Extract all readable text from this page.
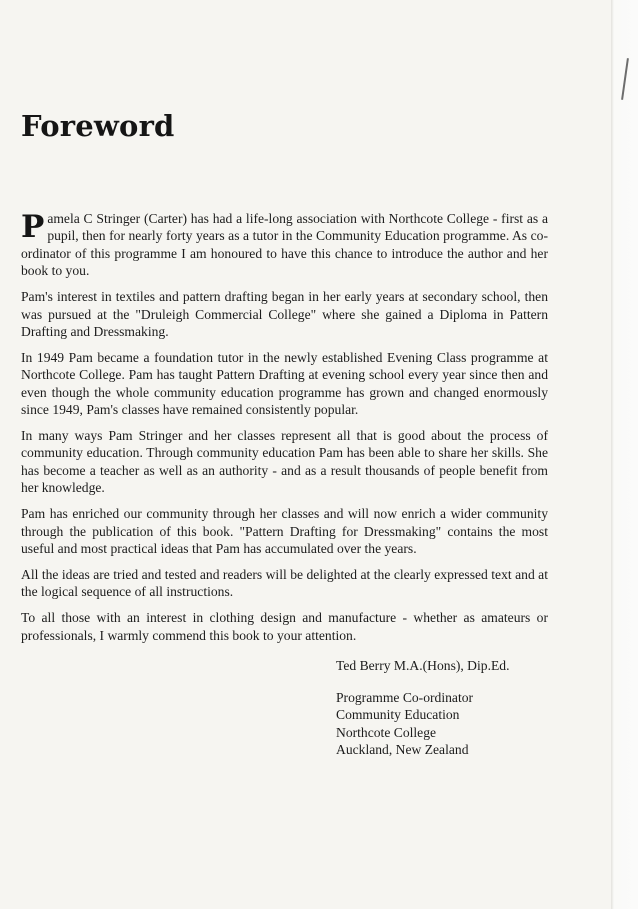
Foreword

Pamela C Stringer (Carter) has had a life-long association with Northcote College - first as a pupil, then for nearly forty years as a tutor in the Community Education programme. As co-ordinator of this programme I am honoured to have this chance to introduce the author and her book to you.

Pam's interest in textiles and pattern drafting began in her early years at secondary school, then was pursued at the "Druleigh Commercial College" where she gained a Diploma in Pattern Drafting and Dressmaking.

In 1949 Pam became a foundation tutor in the newly established Evening Class programme at Northcote College. Pam has taught Pattern Drafting at evening school every year since then and even though the whole community education programme has grown and changed enormously since 1949, Pam's classes have remained consistently popular.

In many ways Pam Stringer and her classes represent all that is good about the process of community education. Through community education Pam has been able to share her skills. She has become a teacher as well as an authority - and as a result thousands of people benefit from her knowledge.

Pam has enriched our community through her classes and will now enrich a wider community through the publication of this book. "Pattern Drafting for Dressmaking" contains the most useful and most practical ideas that Pam has accumulated over the years.

All the ideas are tried and tested and readers will be delighted at the clearly expressed text and at the logical sequence of all instructions.

To all those with an interest in clothing design and manufacture - whether as amateurs or professionals, I warmly commend this book to your attention.

Ted Berry M.A.(Hons), Dip.Ed.
Programme Co-ordinator
Community Education
Northcote College
Auckland, New Zealand
